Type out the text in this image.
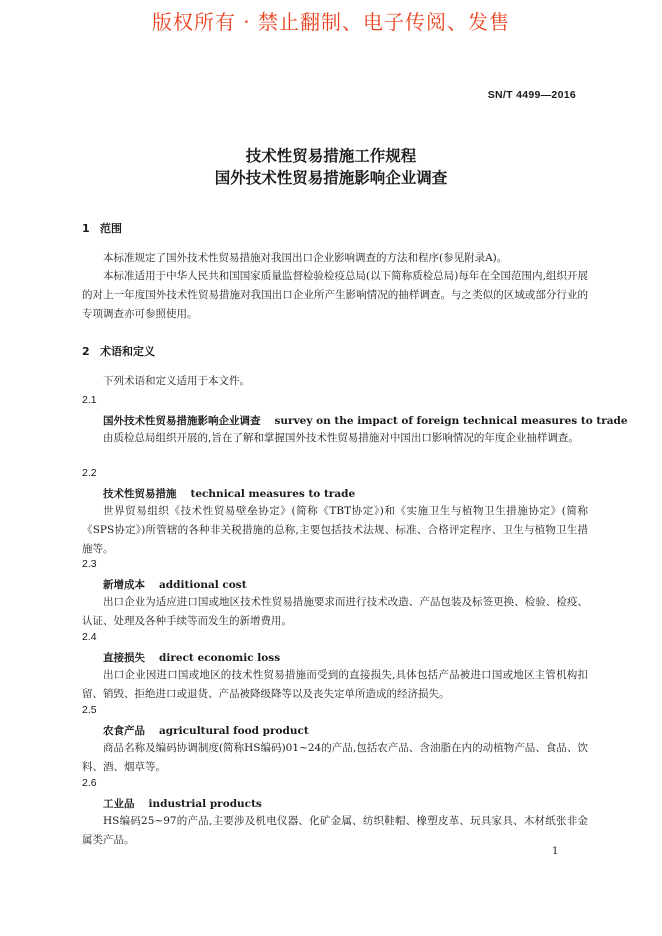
版权所有 · 禁止翻制、电子传阅、发售
SN/T 4499—2016
技术性贸易措施工作规程
国外技术性贸易措施影响企业调查
1 范围

本标准规定了国外技术性贸易措施对我国出口企业影响调查的方法和程序(参见附录A)。

本标准适用于中华人民共和国国家质量监督检验检疫总局(以下简称质检总局)每年在全国范围内,组织开展的对上一年度国外技术性贸易措施对我国出口企业所产生影响情况的抽样调查。与之类似的区域或部分行业的专项调查亦可参照使用。

2 术语和定义

下列术语和定义适用于本文件。

2.1
国外技术性贸易措施影响企业调查 survey on the impact of foreign technical measures to trade

由质检总局组织开展的,旨在了解和掌握国外技术性贸易措施对中国出口影响情况的年度企业抽样调查。

2.2
技术性贸易措施 technical measures to trade

世界贸易组织《技术性贸易壁垒协定》(简称《TBT协定》)和《实施卫生与植物卫生措施协定》(简称《SPS协定》)所管辖的各种非关税措施的总称,主要包括技术法规、标准、合格评定程序、卫生与植物卫生措施等。

2.3
新增成本 additional cost

出口企业为适应进口国或地区技术性贸易措施要求而进行技术改造、产品包装及标签更换、检验、检疫、认证、处理及各种手续等而发生的新增费用。

2.4
直接损失 direct economic loss

出口企业因进口国或地区的技术性贸易措施而受到的直接损失,具体包括产品被进口国或地区主管机构扣留、销毁、拒绝进口或退货、产品被降级降等以及丧失定单所造成的经济损失。

2.5
农食产品 agricultural food product

商品名称及编码协调制度(简称HS编码)01~24的产品,包括农产品、含油脂在内的动植物产品、食品、饮料、酒、烟草等。

2.6
工业品 industrial products

HS编码25~97的产品,主要涉及机电仪器、化矿金属、纺织鞋帽、橡塑皮革、玩具家具、木材纸张非金属类产品。

1
